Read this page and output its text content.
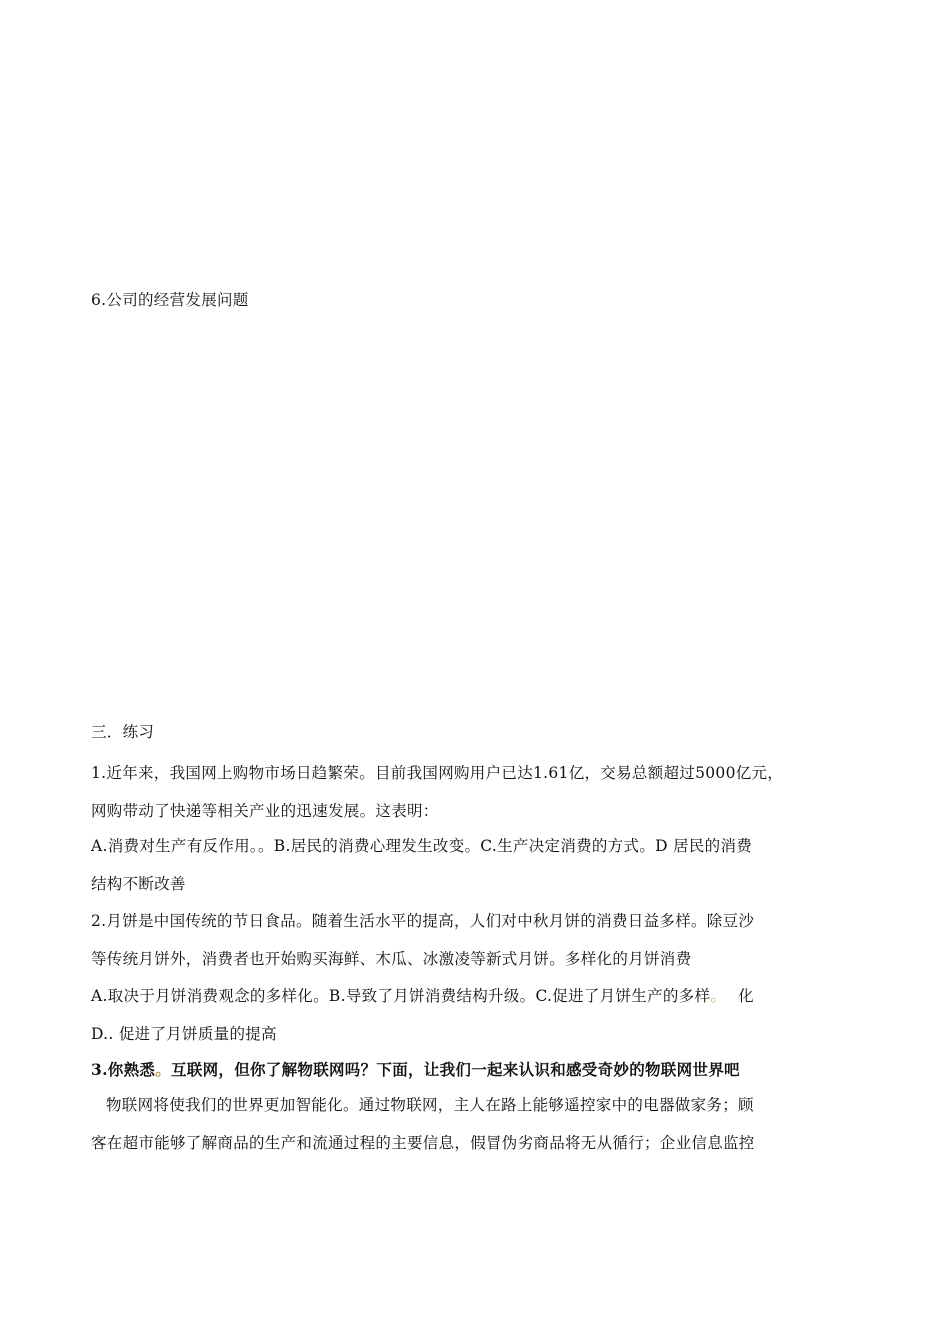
6.公司的经营发展问题
三．练习
1.近年来，我国网上购物市场日趋繁荣。目前我国网购用户已达1.61亿，交易总额超过5000亿元，
网购带动了快递等相关产业的迅速发展。这表明：
A.消费对生产有反作用。。B.居民的消费心理发生改变。C.生产决定消费的方式。D 居民的消费
结构不断改善
2.月饼是中国传统的节日食品。随着生活水平的提高，人们对中秋月饼的消费日益多样。除豆沙
等传统月饼外，消费者也开始购买海鲜、木瓜、冰激凌等新式月饼。多样化的月饼消费
A.取决于月饼消费观念的多样化。B.导致了月饼消费结构升级。C.促进了月饼生产的多样。 化
D.. 促进了月饼质量的提高
3.你熟悉。互联网，但你了解物联网吗？下面，让我们一起来认识和感受奇妙的物联网世界吧
物联网将使我们的世界更加智能化。通过物联网，主人在路上能够遥控家中的电器做家务；顾
客在超市能够了解商品的生产和流通过程的主要信息，假冒伪劣商品将无从循行；企业信息监控
